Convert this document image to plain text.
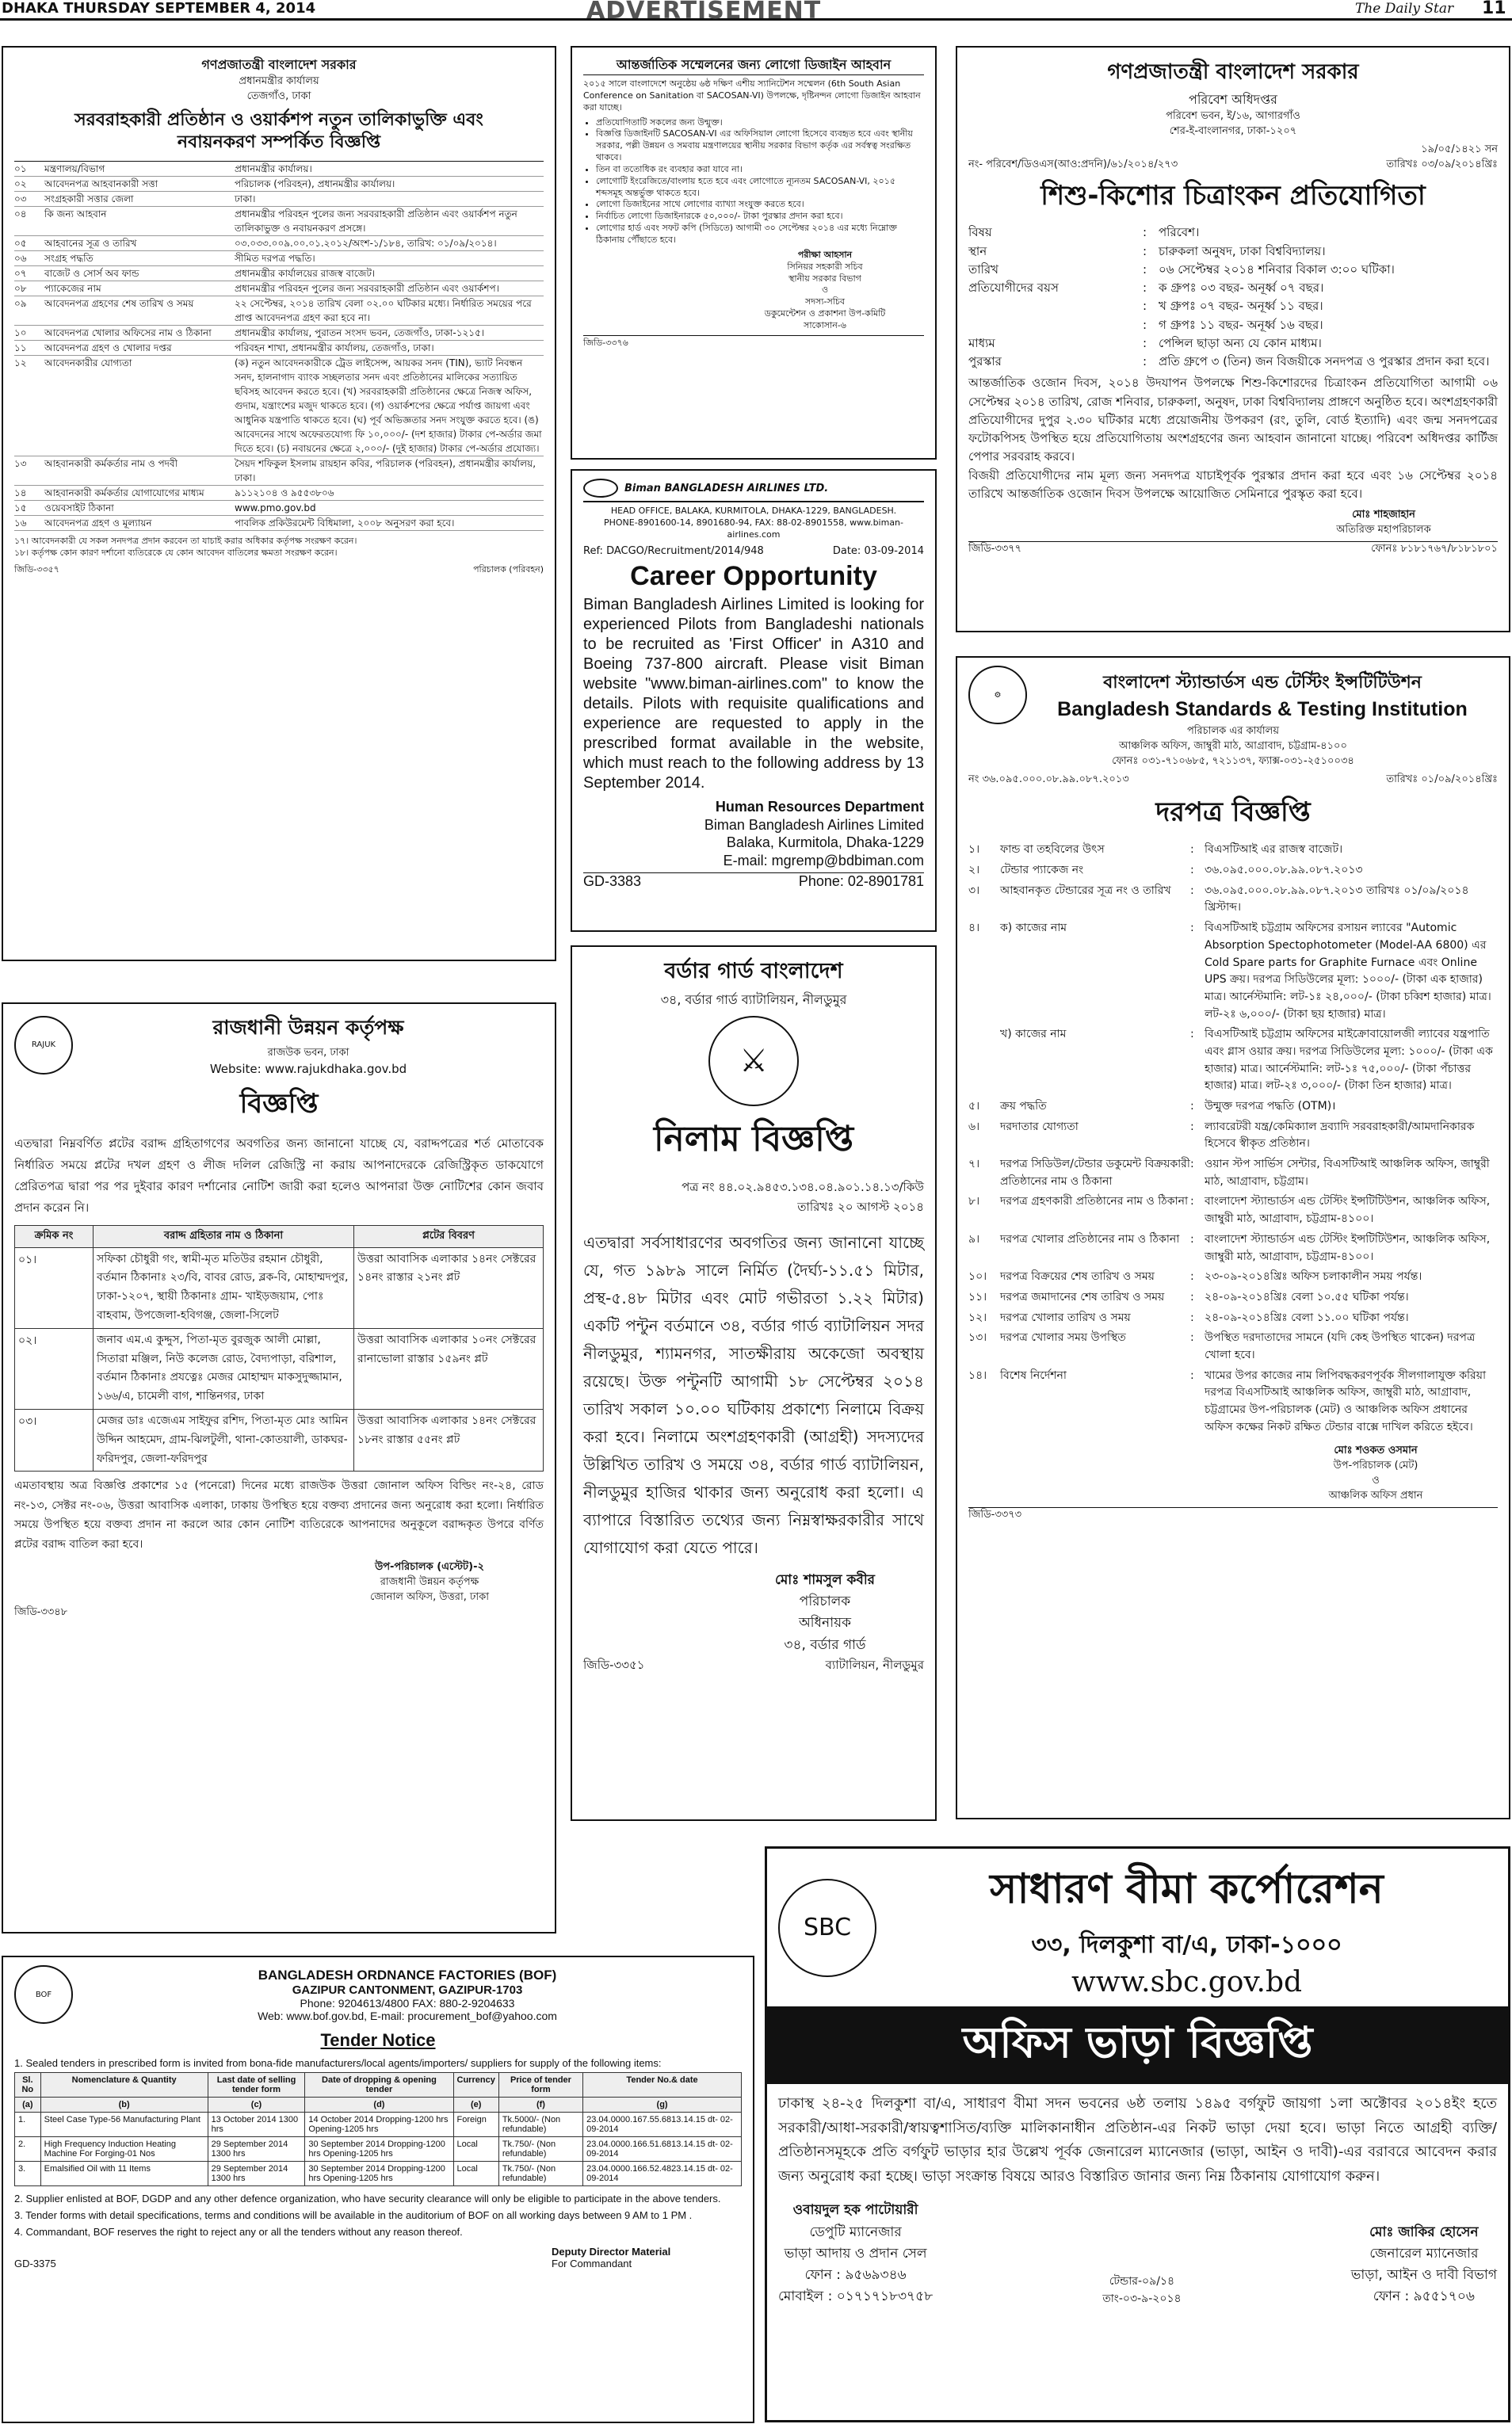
DHAKA THURSDAY SEPTEMBER 4, 2014	ADVERTISEMENT	The Daily Star 11
গণপ্রজাতন্ত্রী বাংলাদেশ সরকার
প্রধানমন্ত্রীর কার্যালয়
তেজগাঁও, ঢাকা
সরবরাহকারী প্রতিষ্ঠান ও ওয়ার্কশপ নতুন তালিকাভুক্তি এবং নবায়নকরণ সম্পর্কিত বিজ্ঞপ্তি
০১	মন্ত্রণালয়/বিভাগ	প্রধানমন্ত্রীর কার্যালয়।
০২	আবেদনপত্র আহবানকারী সত্তা	পরিচালক (পরিবহন), প্রধানমন্ত্রীর কার্যালয়।
০৩	সংগ্রহকারী সত্তার জেলা	ঢাকা।
০৪	কি জন্য আহবান	প্রধানমন্ত্রীর পরিবহন পুলের জন্য সরবরাহকারী প্রতিষ্ঠান এবং ওয়ার্কশপ নতুন তালিকাভুক্ত ও নবায়নকরণ প্রসঙ্গে।
০৫	আহবানের সূত্র ও তারিখ	০৩.০৩৩.০০৯.০০.০১.২০১২/অংশ-১/১৮৪, তারিখ: ০১/০৯/২০১৪।
০৬	সংগ্রহ পদ্ধতি	সীমিত দরপত্র পদ্ধতি।
০৭	বাজেট ও সোর্স অব ফান্ড	প্রধানমন্ত্রীর কার্যালয়ের রাজস্ব বাজেট।
০৮	প্যাকেজের নাম	প্রধানমন্ত্রীর পরিবহন পুলের জন্য সরবরাহকারী প্রতিষ্ঠান এবং ওয়ার্কশপ।
০৯	আবেদনপত্র গ্রহণের শেষ তারিখ ও সময়	২২ সেপ্টেম্বর, ২০১৪ তারিখ বেলা ০২.০০ ঘটিকার মধ্যে। নির্ধারিত সময়ের পরে প্রাপ্ত আবেদনপত্র গ্রহণ করা হবে না।
১০	আবেদনপত্র খোলার অফিসের নাম ও ঠিকানা	প্রধানমন্ত্রীর কার্যালয়, পুরাতন সংসদ ভবন, তেজগাঁও, ঢাকা-১২১৫।
১১	আবেদনপত্র গ্রহণ ও খোলার দপ্তর	পরিবহন শাখা, প্রধানমন্ত্রীর কার্যালয়, তেজগাঁও, ঢাকা।
১২	আবেদনকারীর যোগ্যতা	(ক) নতুন আবেদনকারীকে ট্রেড লাইসেন্স, আয়কর সনদ (TIN), ভ্যাট নিবন্ধন সনদ, হালনাগাদ ব্যাংক সচ্ছলতার সনদ এবং প্রতিষ্ঠানের মালিকের সত্যায়িত ছবিসহ আবেদন করতে হবে। (খ) সরবরাহকারী প্রতিষ্ঠানের ক্ষেত্রে নিজস্ব অফিস, গুদাম, যন্ত্রাংশের মজুদ থাকতে হবে। (গ) ওয়ার্কশপের ক্ষেত্রে পর্যাপ্ত জায়গা এবং আধুনিক যন্ত্রপাতি থাকতে হবে। (ঘ) পূর্ব অভিজ্ঞতার সনদ সংযুক্ত করতে হবে। (ঙ) আবেদনের সাথে অফেরতযোগ্য ফি ১০,০০০/- (দশ হাজার) টাকার পে-অর্ডার জমা দিতে হবে। (চ) নবায়নের ক্ষেত্রে ২,০০০/- (দুই হাজার) টাকার পে-অর্ডার প্রযোজ্য।
১৩	আহবানকারী কর্মকর্তার নাম ও পদবী	সৈয়দ শফিকুল ইসলাম রায়হান কবির, পরিচালক (পরিবহন), প্রধানমন্ত্রীর কার্যালয়, ঢাকা।
১৪	আহবানকারী কর্মকর্তার যোগাযোগের মাধ্যম	৯১১২১০৪ ও ৯৫৫৩৮০৬
১৫	ওয়েবসাইট ঠিকানা	www.pmo.gov.bd
১৬	আবেদনপত্র গ্রহণ ও মূল্যায়ন	পাবলিক প্রকিউরমেন্ট বিধিমালা, ২০০৮ অনুসরণ করা হবে।
১৭। আবেদনকারী যে সকল সনদপত্র প্রদান করবেন তা যাচাই করার অধিকার কর্তৃপক্ষ সংরক্ষণ করেন।
১৮। কর্তৃপক্ষ কোন কারণ দর্শানো ব্যতিরেকে যে কোন আবেদন বাতিলের ক্ষমতা সংরক্ষণ করেন।
জিডি-৩৩৫৭	পরিচালক (পরিবহন)
আন্তর্জাতিক সম্মেলনের জন্য লোগো ডিজাইন আহবান
২০১৫ সালে বাংলাদেশে অনুষ্ঠেয় ৬ষ্ঠ দক্ষিণ এশীয় স্যানিটেশন সম্মেলন (6th South Asian Conference on Sanitation বা SACOSAN-VI) উপলক্ষে, দৃষ্টিনন্দন লোগো ডিজাইন আহবান করা যাচ্ছে।
• প্রতিযোগিতাটি সকলের জন্য উন্মুক্ত।
• বিজ্ঞপ্তি ডিজাইনটি SACOSAN-VI এর অফিসিয়াল লোগো হিসেবে ব্যবহৃত হবে এবং স্থানীয় সরকার, পল্লী উন্নয়ন ও সমবায় মন্ত্রণালয়ের স্থানীয় সরকার বিভাগ কর্তৃক এর সর্বস্বত্ব সংরক্ষিত থাকবে।
• তিন বা ততোধিক রং ব্যবহার করা যাবে না।
• লোগোটি ইংরেজিতে/বাংলায় হতে হবে এবং লোগোতে ন্যূনতম SACOSAN-VI, ২০১৫ শব্দসমূহ অন্তর্ভুক্ত থাকতে হবে।
• লোগো ডিজাইনের সাথে লোগোর ব্যাখ্যা সংযুক্ত করতে হবে।
• নির্বাচিত লোগো ডিজাইনারকে ৫০,০০০/- টাকা পুরস্কার প্রদান করা হবে।
• লোগোর হার্ড এবং সফট কপি (সিডিতে) আগামী ৩০ সেপ্টেম্বর ২০১৪ এর মধ্যে নিম্নোক্ত ঠিকানায় পৌঁছাতে হবে।
পরীক্ষা আহসান
সিনিয়র সহকারী সচিব
স্থানীয় সরকার বিভাগ
ও
সদস্য-সচিব
ডকুমেন্টেশন ও প্রকাশনা উপ-কমিটি
সাকোসান-৬
জিডি-৩৩৭৬
Biman BANGLADESH AIRLINES LTD.
HEAD OFFICE, BALAKA, KURMITOLA, DHAKA-1229, BANGLADESH.
PHONE-8901600-14, 8901680-94, FAX: 88-02-8901558, www.biman-airlines.com
Ref: DACGO/Recruitment/2014/948	Date: 03-09-2014
Career Opportunity
Biman Bangladesh Airlines Limited is looking for experienced Pilots from Bangladeshi nationals to be recruited as 'First Officer' in A310 and Boeing 737-800 aircraft. Please visit Biman website "www.biman-airlines.com" to know the details. Pilots with requisite qualifications and experience are requested to apply in the prescribed format available in the website, which must reach to the following address by 13 September 2014.
Human Resources Department
Biman Bangladesh Airlines Limited
Balaka, Kurmitola, Dhaka-1229
E-mail: mgremp@bdbiman.com
GD-3383	Phone: 02-8901781
গণপ্রজাতন্ত্রী বাংলাদেশ সরকার
পরিবেশ অধিদপ্তর
পরিবেশ ভবন, ই/১৬, আগারগাঁও
শের-ই-বাংলানগর, ঢাকা-১২০৭
নং- পরিবেশ/ডিওএস(আও:প্রদনি)/৬১/২০১৪/২৭৩
১৯/০৫/১৪২১ সন
তারিখঃ ০৩/০৯/২০১৪খ্রিঃ
শিশু-কিশোর চিত্রাংকন প্রতিযোগিতা
বিষয়	: পরিবেশ।
স্থান	: চারুকলা অনুষদ, ঢাকা বিশ্ববিদ্যালয়।
তারিখ	: ০৬ সেপ্টেম্বর ২০১৪ শনিবার বিকাল ৩:০০ ঘটিকা।
প্রতিযোগীদের বয়স	: ক গ্রুপঃ ০৩ বছর- অনূর্ধ্ব ০৭ বছর।
: খ গ্রুপঃ ০৭ বছর- অনূর্ধ্ব ১১ বছর।
: গ গ্রুপঃ ১১ বছর- অনূর্ধ্ব ১৬ বছর।
মাধ্যম	: পেন্সিল ছাড়া অন্য যে কোন মাধ্যম।
পুরস্কার	: প্রতি গ্রুপে ৩ (তিন) জন বিজয়ীকে সনদপত্র ও পুরস্কার প্রদান করা হবে।
আন্তর্জাতিক ওজোন দিবস, ২০১৪ উদযাপন উপলক্ষে শিশু-কিশোরদের চিত্রাংকন প্রতিযোগিতা আগামী ০৬ সেপ্টেম্বর ২০১৪ তারিখ, রোজ শনিবার, চারুকলা, অনুষদ, ঢাকা বিশ্ববিদ্যালয় প্রাঙ্গণে অনুষ্ঠিত হবে। অংশগ্রহণকারী প্রতিযোগীদের দুপুর ২.৩০ ঘটিকার মধ্যে প্রয়োজনীয় উপকরণ (রং, তুলি, বোর্ড ইত্যাদি) এবং জন্ম সনদপত্রের ফটোকপিসহ উপস্থিত হয়ে প্রতিযোগিতায় অংশগ্রহণের জন্য আহবান জানানো যাচ্ছে। পরিবেশ অধিদপ্তর কার্টিজ পেপার সরবরাহ করবে।
বিজয়ী প্রতিযোগীদের নাম মূল্য জন্য সনদপত্র যাচাইপূর্বক পুরস্কার প্রদান করা হবে এবং ১৬ সেপ্টেম্বর ২০১৪ তারিখে আন্তর্জাতিক ওজোন দিবস উপলক্ষে আয়োজিত সেমিনারে পুরস্কৃত করা হবে।
মোঃ শাহজাহান
অতিরিক্ত মহাপরিচালক
জিডি-৩৩৭৭	ফোনঃ ৮১৮১৭৬৭/৮১৮১৮০১
⚙
বাংলাদেশ স্ট্যান্ডার্ডস এন্ড টেস্টিং ইন্সটিটিউশন
Bangladesh Standards & Testing Institution
পরিচালক এর কার্যালয়
আঞ্চলিক অফিস, জাম্বুরী মাঠ, আগ্রাবাদ, চট্টগ্রাম-৪১০০
ফোনঃ ০৩১-৭১০৬৮৫, ৭২১১৩৭, ফ্যাক্স-০৩১-২৫১০০৩৪
নং ৩৬.০৯৫.০০০.০৮.৯৯.০৮৭.২০১৩	তারিখঃ ০১/০৯/২০১৪খ্রিঃ
দরপত্র বিজ্ঞপ্তি
১।	ফান্ড বা তহবিলের উৎস	: বিএসটিআই এর রাজস্ব বাজেট।
২।	টেন্ডার প্যাকেজ নং	: ৩৬.০৯৫.০০০.০৮.৯৯.০৮৭.২০১৩
৩।	আহবানকৃত টেন্ডারের সূত্র নং ও তারিখ	: ৩৬.০৯৫.০০০.০৮.৯৯.০৮৭.২০১৩ তারিখঃ ০১/০৯/২০১৪ খ্রিস্টাব্দ।
৪।	ক) কাজের নাম	: বিএসটিআই চট্টগ্রাম অফিসের রসায়ন ল্যাবের "Automic Absorption Spectophotometer (Model-AA 6800) এর Cold Spare parts for Graphite Furnace এবং Online UPS ক্রয়। দরপত্র সিডিউলের মূল্য: ১০০০/- (টাকা এক হাজার) মাত্র। আর্নেস্টমানি: লট-১ঃ ২৪,০০০/- (টাকা চব্বিশ হাজার) মাত্র। লট-২ঃ ৬,০০০/- (টাকা ছয় হাজার) মাত্র।
খ) কাজের নাম	: বিএসটিআই চট্টগ্রাম অফিসের মাইক্রোবায়োলজী ল্যাবের যন্ত্রপাতি এবং গ্লাস ওয়ার ক্রয়। দরপত্র সিডিউলের মূল্য: ১০০০/- (টাকা এক হাজার) মাত্র। আর্নেস্টমানি: লট-১ঃ ৭৫,০০০/- (টাকা পঁচাত্তর হাজার) মাত্র। লট-২ঃ ৩,০০০/- (টাকা তিন হাজার) মাত্র।
৫।	ক্রয় পদ্ধতি	: উন্মুক্ত দরপত্র পদ্ধতি (OTM)।
৬।	দরদাতার যোগ্যতা	: ল্যাবরেটরী যন্ত্র/কেমিক্যাল দ্রব্যাদি সরবরাহকারী/আমদানিকারক হিসেবে স্বীকৃত প্রতিষ্ঠান।
৭।	দরপত্র সিডিউল/টেন্ডার ডকুমেন্ট বিক্রয়কারী প্রতিষ্ঠানের নাম ও ঠিকানা
: ওয়ান স্টপ সার্ভিস সেন্টার, বিএসটিআই আঞ্চলিক অফিস, জাম্বুরী মাঠ, আগ্রাবাদ, চট্টগ্রাম।
৮।	দরপত্র গ্রহণকারী প্রতিষ্ঠানের নাম ও ঠিকানা : বাংলাদেশ স্ট্যান্ডার্ডস এন্ড টেস্টিং ইন্সটিটিউশন, আঞ্চলিক অফিস, জাম্বুরী মাঠ, আগ্রাবাদ, চট্টগ্রাম-৪১০০।
৯।	দরপত্র খোলার প্রতিষ্ঠানের নাম ও ঠিকানা : বাংলাদেশ স্ট্যান্ডার্ডস এন্ড টেস্টিং ইন্সটিটিউশন, আঞ্চলিক অফিস, জাম্বুরী মাঠ, আগ্রাবাদ, চট্টগ্রাম-৪১০০।
১০।	দরপত্র বিক্রয়ের শেষ তারিখ ও সময়	: ২৩-০৯-২০১৪খ্রিঃ অফিস চলাকালীন সময় পর্যন্ত।
১১।	দরপত্র জমাদানের শেষ তারিখ ও সময়	: ২৪-০৯-২০১৪খ্রিঃ বেলা ১০.৫৫ ঘটিকা পর্যন্ত।
১২।	দরপত্র খোলার তারিখ ও সময়	: ২৪-০৯-২০১৪খ্রিঃ বেলা ১১.০০ ঘটিকা পর্যন্ত।
১৩।	দরপত্র খোলার সময় উপস্থিত	: উপস্থিত দরদাতাদের সামনে (যদি কেহ উপস্থিত থাকেন) দরপত্র খোলা হবে।
১৪।	বিশেষ নির্দেশনা	: খামের উপর কাজের নাম লিপিবদ্ধকরণপূর্বক সীলগালাযুক্ত করিয়া দরপত্র বিএসটিআই আঞ্চলিক অফিস, জাম্বুরী মাঠ, আগ্রাবাদ, চট্টগ্রামের উপ-পরিচালক (মেট) ও আঞ্চলিক অফিস প্রধানের অফিস কক্ষের নিকট রক্ষিত টেন্ডার বাক্সে দাখিল করিতে হইবে।
মোঃ শওকত ওসমান
উপ-পরিচালক (মেট)
ও
আঞ্চলিক অফিস প্রধান
জিডি-৩৩৭৩
RAJUK
রাজধানী উন্নয়ন কর্তৃপক্ষ
রাজউক ভবন, ঢাকা
Website: www.rajukdhaka.gov.bd
বিজ্ঞপ্তি
এতদ্বারা নিম্নবর্ণিত প্লটের বরাদ্দ গ্রহিতাগণের অবগতির জন্য জানানো যাচ্ছে যে, বরাদ্দপত্রের শর্ত মোতাবেক নির্ধারিত সময়ে প্লটের দখল গ্রহণ ও লীজ দলিল রেজিস্ট্রি না করায় আপনাদেরকে রেজিস্ট্রিকৃত ডাকযোগে প্রেরিতপত্র দ্বারা পর পর দুইবার কারণ দর্শানোর নোটিশ জারী করা হলেও আপনারা উক্ত নোটিশের কোন জবাব প্রদান করেন নি।
ক্রমিক নং	বরাদ্দ গ্রহিতার নাম ও ঠিকানা	প্লটের বিবরণ
০১।	সফিকা চৌধুরী গং, স্বামী-মৃত মতিউর রহমান চৌধুরী, বর্তমান ঠিকানাঃ ২৩/বি, বাবর রোড, ব্লক-বি, মোহাম্মদপুর, ঢাকা-১২০৭, স্থায়ী ঠিকানাঃ গ্রাম- খাইড়জয়াম, পোঃ বাহবাম, উপজেলা-হবিগঞ্জ, জেলা-সিলেট	উত্তরা আবাসিক এলাকার ১৪নং সেক্টরের ১৪নং রাস্তার ২১নং প্লট
০২।	জনাব এম.এ কুদ্দুস, পিতা-মৃত বুরজুক আলী মোল্লা, সিতারা মঞ্জিল, নিউ কলেজ রোড, বৈদ্যপাড়া, বরিশাল, বর্তমান ঠিকানাঃ প্রযত্নেঃ মেজর মোহাম্মদ মাকসুদুজ্জামান, ১৬৬/এ, চামেলী বাগ, শান্তিনগর, ঢাকা	উত্তরা আবাসিক এলাকার ১০নং সেক্টরের রানাভোলা রাস্তার ১৫৯নং প্লট
০৩।	মেজর ডাঃ এজেএম সাইফুর রশিদ, পিতা-মৃত মোঃ আমিন উদ্দিন আহমেদ, গ্রাম-ঝিলটুলী, থানা-কোতয়ালী, ডাকঘর- ফরিদপুর, জেলা-ফরিদপুর	উত্তরা আবাসিক এলাকার ১৪নং সেক্টরের ১৮নং রাস্তার ৫৫নং প্লট
এমতাবস্থায় অত্র বিজ্ঞপ্তি প্রকাশের ১৫ (পনেরো) দিনের মধ্যে রাজউক উত্তরা জোনাল অফিস বিল্ডিং নং-২৪, রোড নং-১৩, সেক্টর নং-০৬, উত্তরা আবাসিক এলাকা, ঢাকায় উপস্থিত হয়ে বক্তব্য প্রদানের জন্য অনুরোধ করা হলো। নির্ধারিত সময়ে উপস্থিত হয়ে বক্তব্য প্রদান না করলে আর কোন নোটিশ ব্যতিরেকে আপনাদের অনুকূলে বরাদ্দকৃত উপরে বর্ণিত প্লটের বরাদ্দ বাতিল করা হবে।
উপ-পরিচালক (এস্টেট)-২
রাজধানী উন্নয়ন কর্তৃপক্ষ
জোনাল অফিস, উত্তরা, ঢাকা
জিডি-৩৩৪৮
বর্ডার গার্ড বাংলাদেশ
৩৪, বর্ডার গার্ড ব্যাটালিয়ন, নীলডুমুর
⚔
নিলাম বিজ্ঞপ্তি
পত্র নং ৪৪.০২.৯৪৫৩.১৩৪.০৪.৯০১.১৪.১৩/কিউ
তারিখঃ ২০ আগস্ট ২০১৪
এতদ্বারা সর্বসাধারণের অবগতির জন্য জানানো যাচ্ছে যে, গত ১৯৮৯ সালে নির্মিত (দৈর্ঘ্য-১১.৫১ মিটার, প্রস্থ-৫.৪৮ মিটার এবং মোট গভীরতা ১.২২ মিটার) একটি পন্টুন বর্তমানে ৩৪, বর্ডার গার্ড ব্যাটালিয়ন সদর নীলডুমুর, শ্যামনগর, সাতক্ষীরায় অকেজো অবস্থায় রয়েছে। উক্ত পন্টুনটি আগামী ১৮ সেপ্টেম্বর ২০১৪ তারিখ সকাল ১০.০০ ঘটিকায় প্রকাশ্যে নিলামে বিক্রয় করা হবে। নিলামে অংশগ্রহণকারী (আগ্রহী) সদস্যদের উল্লিখিত তারিখ ও সময়ে ৩৪, বর্ডার গার্ড ব্যাটালিয়ন, নীলডুমুর হাজির থাকার জন্য অনুরোধ করা হলো। এ ব্যাপারে বিস্তারিত তথ্যের জন্য নিম্নস্বাক্ষরকারীর সাথে যোগাযোগ করা যেতে পারে।
মোঃ শামসুল কবীর
পরিচালক
অধিনায়ক
৩৪, বর্ডার গার্ড
জিডি-৩৩৫১	ব্যাটালিয়ন, নীলডুমুর
BOF
BANGLADESH ORDNANCE FACTORIES (BOF)
GAZIPUR CANTONMENT, GAZIPUR-1703
Phone: 9204613/4800 FAX: 880-2-9204633
Web: www.bof.gov.bd, E-mail: procurement_bof@yahoo.com
Tender Notice
1. Sealed tenders in prescribed form is invited from bona-fide manufacturers/local agents/importers/ suppliers for supply of the following items:
Sl. No	Nomenclature & Quantity	Last date of selling tender form	Date of dropping & opening tender	Currency	Price of tender form	Tender No.& date
(a)	(b)	(c)	(d)	(e)	(f)	(g)
1.	Steel Case Type-56 Manufacturing Plant	13 October 2014 1300 hrs	14 October 2014 Dropping-1200 hrs Opening-1205 hrs	Foreign	Tk.5000/- (Non refundable)	23.04.0000.167.55.6813.14.15 dt- 02-09-2014
2.	High Frequency Induction Heating Machine For Forging-01 Nos	29 September 2014 1300 hrs	30 September 2014 Dropping-1200 hrs Opening-1205 hrs	Local	Tk.750/- (Non refundable)	23.04.0000.166.51.6813.14.15 dt- 02-09-2014
3.	Emalsified Oil with 11 Items	29 September 2014 1300 hrs	30 September 2014 Dropping-1200 hrs Opening-1205 hrs	Local	Tk.750/- (Non refundable)	23.04.0000.166.52.4823.14.15 dt- 02-09-2014
2. Supplier enlisted at BOF, DGDP and any other defence organization, who have security clearance will only be eligible to participate in the above tenders.
3. Tender forms with detail specifications, terms and conditions will be available in the auditorium of BOF on all working days between 9 AM to 1 PM .
4. Commandant, BOF reserves the right to reject any or all the tenders without any reason thereof.
GD-3375
Deputy Director Material
For Commandant
SBC
সাধারণ বীমা কর্পোরেশন
৩৩, দিলকুশা বা/এ, ঢাকা-১০০০
www.sbc.gov.bd
অফিস ভাড়া বিজ্ঞপ্তি
ঢাকাস্থ ২৪-২৫ দিলকুশা বা/এ, সাধারণ বীমা সদন ভবনের ৬ষ্ঠ তলায় ১৪৯৫ বর্গফুট জায়গা ১লা অক্টোবর ২০১৪ইং হতে সরকারী/আধা-সরকারী/স্বায়ত্বশাসিত/ব্যক্তি মালিকানাধীন প্রতিষ্ঠান-এর নিকট ভাড়া দেয়া হবে। ভাড়া নিতে আগ্রহী ব্যক্তি/প্রতিষ্ঠানসমূহকে প্রতি বর্গফুট ভাড়ার হার উল্লেখ পূর্বক জেনারেল ম্যানেজার (ভাড়া, আইন ও দাবী)-এর বরাবরে আবেদন করার জন্য অনুরোধ করা হচ্ছে। ভাড়া সংক্রান্ত বিষয়ে আরও বিস্তারিত জানার জন্য নিম্ন ঠিকানায় যোগাযোগ করুন।
ওবায়দুল হক পাটোয়ারী
ডেপুটি ম্যানেজার
ভাড়া আদায় ও প্রদান সেল
ফোন : ৯৫৬৯৩৪৬
মোবাইল : ০১৭১৭১৮৩৭৫৮
টেন্ডার-০৯/১৪
তাং-০৩-৯-২০১৪
মোঃ জাকির হোসেন
জেনারেল ম্যানেজার
ভাড়া, আইন ও দাবী বিভাগ
ফোন : ৯৫৫১৭০৬
